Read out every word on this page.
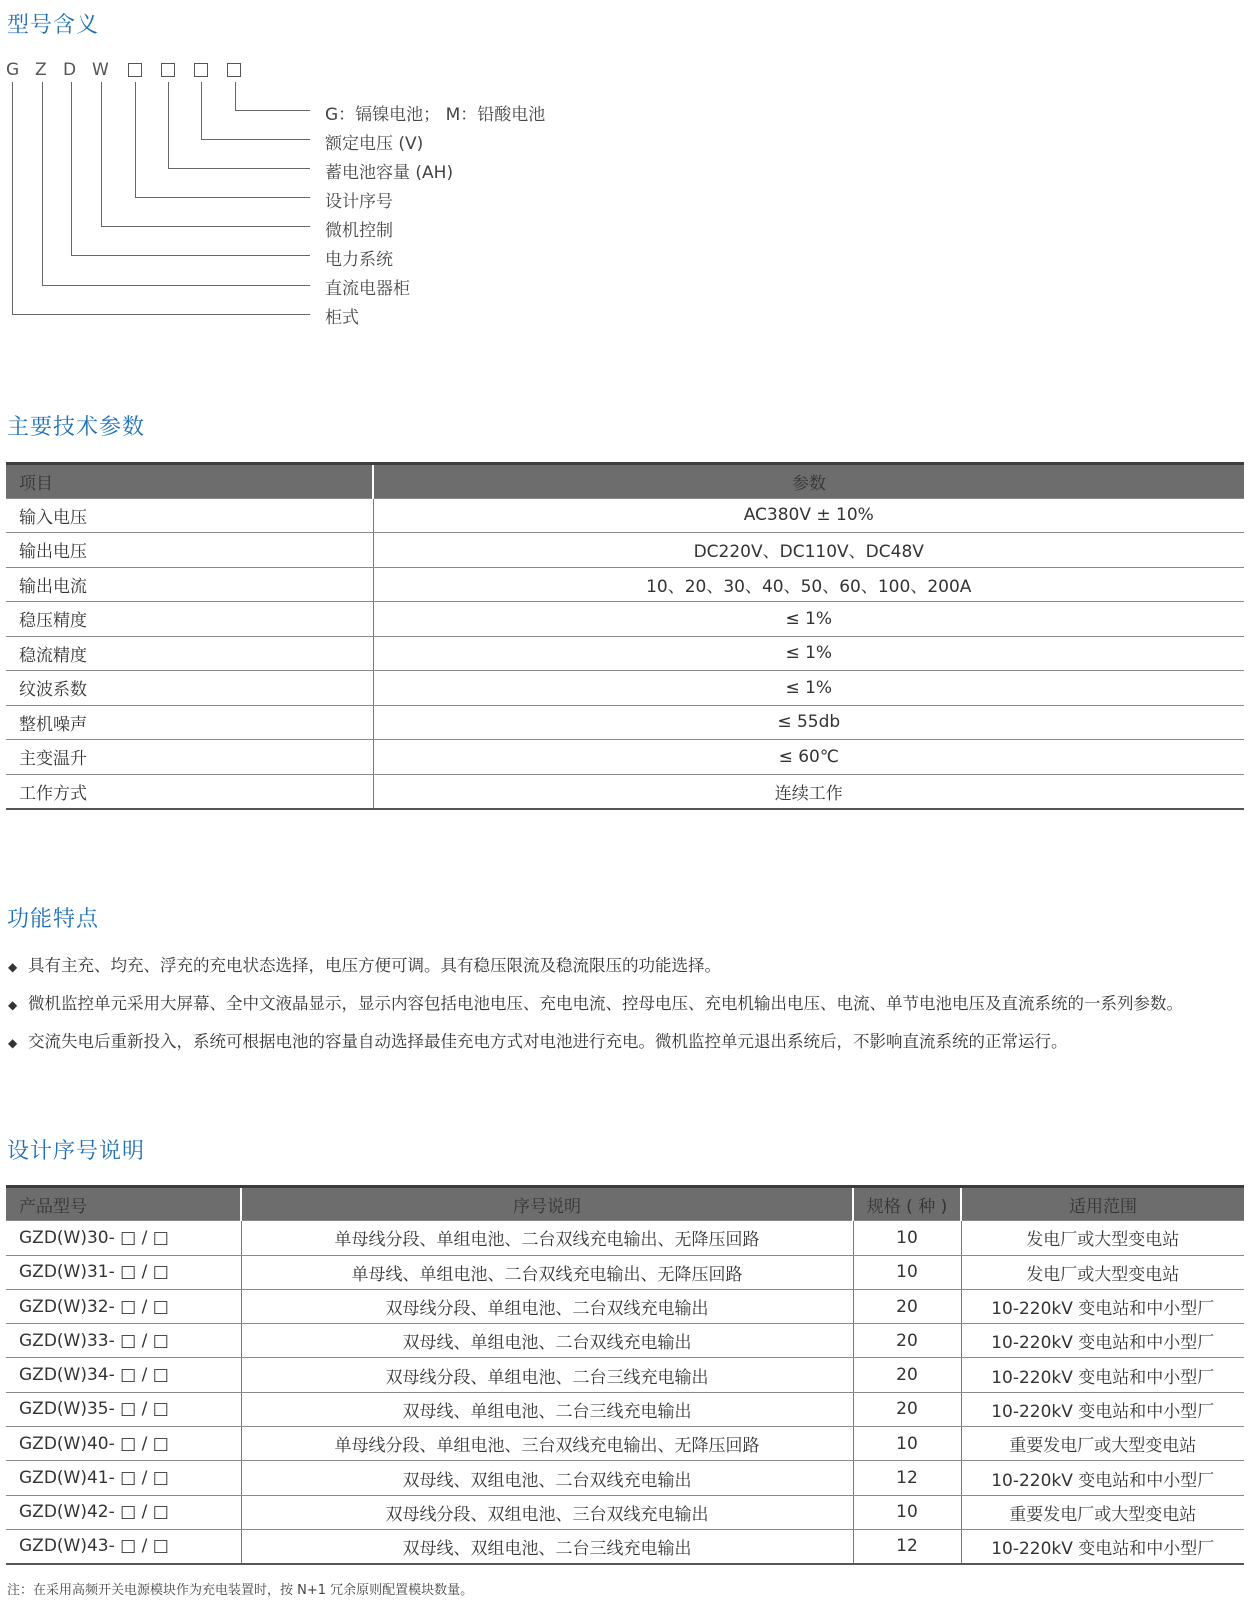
型号含义
G Z D W
G：镉镍电池； M：铅酸电池
额定电压 (V)
蓄电池容量 (AH)
设计序号
微机控制
电力系统
直流电器柜
柜式
主要技术参数
项目	参数
输入电压	AC380V ± 10%
输出电压	DC220V、DC110V、DC48V
输出电流	10、20、30、40、50、60、100、200A
稳压精度	≤ 1%
稳流精度	≤ 1%
纹波系数	≤ 1%
整机噪声	≤ 55db
主变温升	≤ 60℃
工作方式	连续工作
功能特点
◆ 具有主充、均充、浮充的充电状态选择，电压方便可调。具有稳压限流及稳流限压的功能选择。
◆ 微机监控单元采用大屏幕、全中文液晶显示，显示内容包括电池电压、充电电流、控母电压、充电机输出电压、电流、单节电池电压及直流系统的一系列参数。
◆ 交流失电后重新投入，系统可根据电池的容量自动选择最佳充电方式对电池进行充电。微机监控单元退出系统后，不影响直流系统的正常运行。
设计序号说明
产品型号	序号说明	规格 ( 种 )	适用范围
GZD(W)30- □ / □	单母线分段、单组电池、二台双线充电输出、无降压回路	10	发电厂或大型变电站
GZD(W)31- □ / □	单母线、单组电池、二台双线充电输出、无降压回路	10	发电厂或大型变电站
GZD(W)32- □ / □	双母线分段、单组电池、二台双线充电输出	20	10-220kV 变电站和中小型厂
GZD(W)33- □ / □	双母线、单组电池、二台双线充电输出	20	10-220kV 变电站和中小型厂
GZD(W)34- □ / □	双母线分段、单组电池、二台三线充电输出	20	10-220kV 变电站和中小型厂
GZD(W)35- □ / □	双母线、单组电池、二台三线充电输出	20	10-220kV 变电站和中小型厂
GZD(W)40- □ / □	单母线分段、单组电池、三台双线充电输出、无降压回路	10	重要发电厂或大型变电站
GZD(W)41- □ / □	双母线、双组电池、二台双线充电输出	12	10-220kV 变电站和中小型厂
GZD(W)42- □ / □	双母线分段、双组电池、三台双线充电输出	10	重要发电厂或大型变电站
GZD(W)43- □ / □	双母线、双组电池、二台三线充电输出	12	10-220kV 变电站和中小型厂
注：在采用高频开关电源模块作为充电装置时，按 N+1 冗余原则配置模块数量。
